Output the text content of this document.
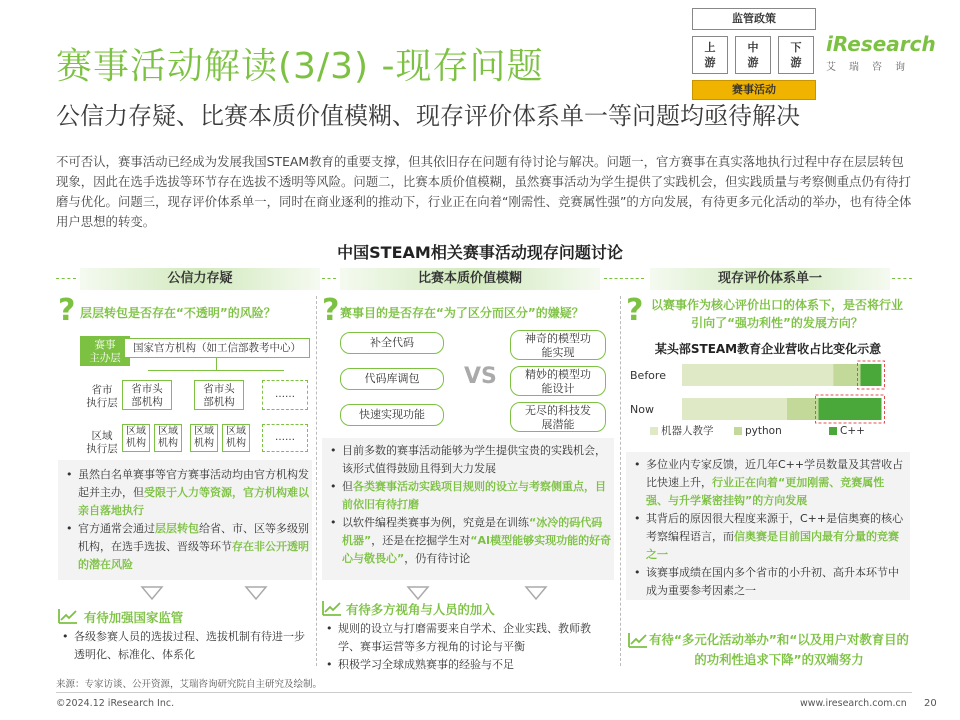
赛事活动解读(3/3) -现存问题
公信力存疑、比赛本质价值模糊、现存评价体系单一等问题均亟待解决
监管政策
上
游
中
游
下
游
赛事活动
iResearch
艾瑞咨询
不可否认，赛事活动已经成为发展我国STEAM教育的重要支撑，但其依旧存在问题有待讨论与解决。问题一，官方赛事在真实落地执行过程中存在层层转包现象，因此在选手选拔等环节存在选拔不透明等风险。问题二，比赛本质价值模糊，虽然赛事活动为学生提供了实践机会，但实践质量与考察侧重点仍有待打磨与优化。问题三，现存评价体系单一，同时在商业逐利的推动下，行业正在向着“刚需性、竞赛属性强”的方向发展，有待更多元化活动的举办，也有待全体用户思想的转变。
中国STEAM相关赛事活动现存问题讨论
公信力存疑	比赛本质价值模糊	现存评价体系单一
? 层层转包是否存在“不透明”的风险？
赛事
主办层
国家官方机构（如工信部教考中心）
省市
执行层
省市头
部机构
省市头
部机构
……
区域
执行层
区域
机构
区域
机构
区域
机构
区域
机构
……
• 虽然白名单赛事等官方赛事活动均由官方机构发起并主办，但受限于人力等资源，官方机构难以亲自落地执行
• 官方通常会通过层层转包给省、市、区等多级别机构，在选手选拔、晋级等环节存在非公开透明的潜在风险
有待加强国家监管
• 各级参赛人员的选拔过程、选拔机制有待进一步透明化、标准化、体系化
? 赛事目的是否存在“为了区分而区分”的嫌疑？
补全代码
代码库调包
快速实现功能
VS
神奇的模型功
能实现
精妙的模型功
能设计
无尽的科技发
展潜能
• 目前多数的赛事活动能够为学生提供宝贵的实践机会，该形式值得鼓励且得到大力发展
• 但各类赛事活动实践项目规则的设立与考察侧重点，目前依旧有待打磨
• 以软件编程类赛事为例，究竟是在训练“冰冷的码代码机器”，还是在挖掘学生对“AI模型能够实现功能的好奇心与敬畏心”，仍有待讨论
有待多方视角与人员的加入
• 规则的设立与打磨需要来自学术、企业实践、教师教学、赛事运营等多方视角的讨论与平衡
• 积极学习全球成熟赛事的经验与不足
? 以赛事作为核心评价出口的体系下，是否将行业引向了“强功利性”的发展方向？
某头部STEAM教育企业营收占比变化示意
Before
Now
机器人教学	python	C++
• 多位业内专家反馈，近几年C++学员数量及其营收占比快速上升，行业正在向着“更加刚需、竞赛属性强、与升学紧密挂钩”的方向发展
• 其背后的原因很大程度来源于，C++是信奥赛的核心考察编程语言，而信奥赛是目前国内最有分量的竞赛之一
• 该赛事成绩在国内多个省市的小升初、高升本环节中成为重要参考因素之一
有待“多元化活动举办”和“以及用户对教育目的的功利性追求下降”的双端努力
来源：专家访谈、公开资源，艾瑞咨询研究院自主研究及绘制。
©2024.12 iResearch Inc.	www.iresearch.com.cn 20
